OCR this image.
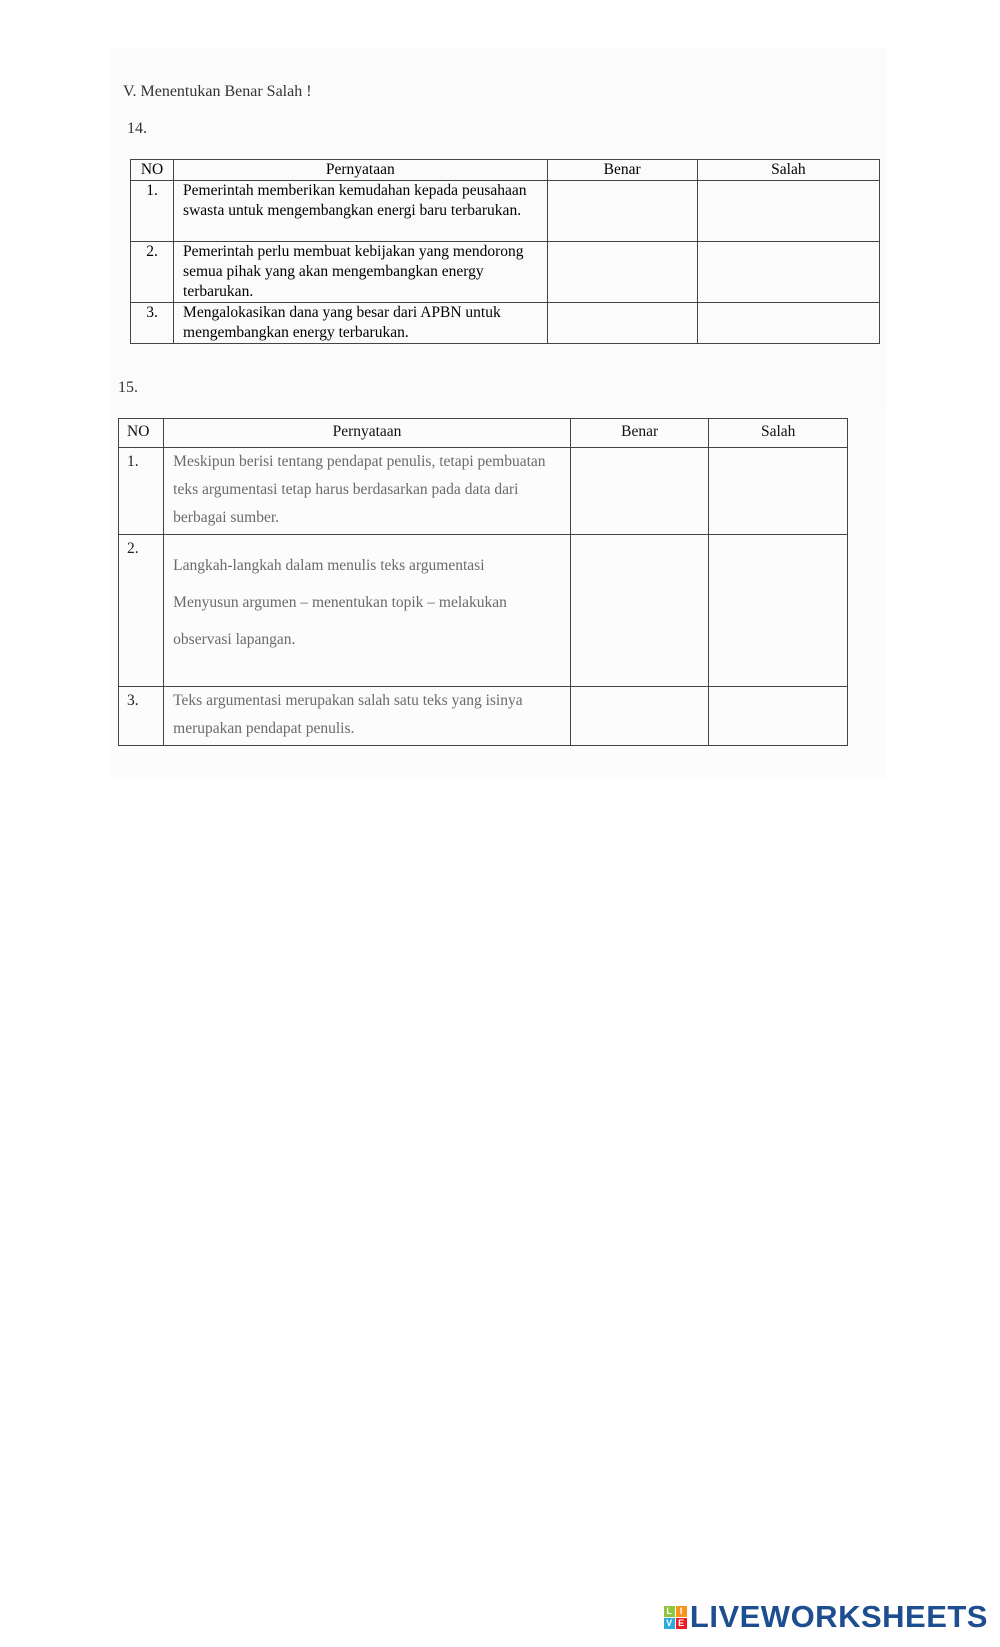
V. Menentukan Benar Salah !
14.
NO	Pernyataan	Benar	Salah
1.	Pemerintah memberikan kemudahan kepada peusahaan swasta untuk mengembangkan energi baru terbarukan.		
2.	Pemerintah perlu membuat kebijakan yang mendorong semua pihak yang akan mengembangkan energy terbarukan.		
3.	Mengalokasikan dana yang besar dari APBN untuk mengembangkan energy terbarukan.		
15.
NO	Pernyataan	Benar	Salah
1.	Meskipun berisi tentang pendapat penulis, tetapi pembuatan teks argumentasi tetap harus berdasarkan pada data dari berbagai sumber.		
2.	Langkah-langkah dalam menulis teks argumentasi
Menyusun argumen – menentukan topik – melakukan
observasi lapangan.		

3.	Teks argumentasi merupakan salah satu teks yang isinya merupakan pendapat penulis.		
L I
V E LIVEWORKSHEETS
